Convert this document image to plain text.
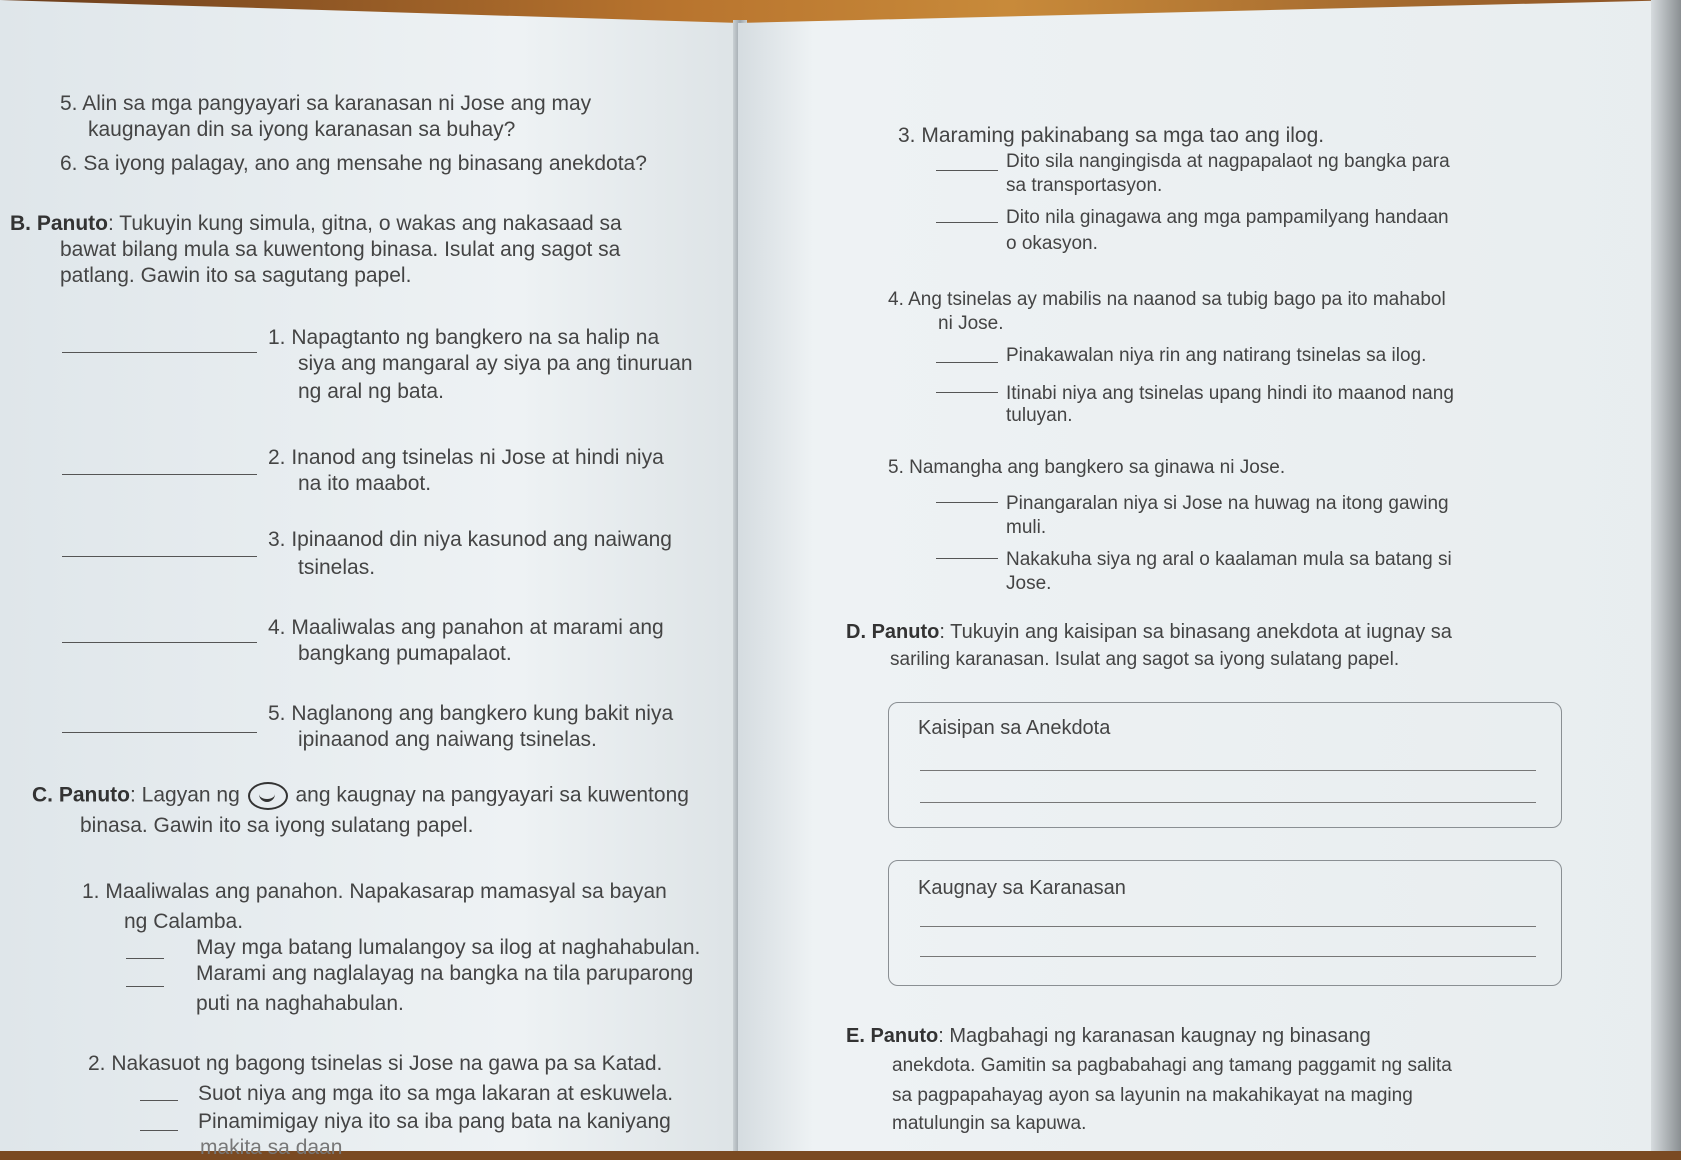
5. Alin sa mga pangyayari sa karanasan ni Jose ang may
kaugnayan din sa iyong karanasan sa buhay?
6. Sa iyong palagay, ano ang mensahe ng binasang anekdota?
B. Panuto: Tukuyin kung simula, gitna, o wakas ang nakasaad sa
bawat bilang mula sa kuwentong binasa. Isulat ang sagot sa
patlang. Gawin ito sa sagutang papel.
1. Napagtanto ng bangkero na sa halip na
siya ang mangaral ay siya pa ang tinuruan
ng aral ng bata.
2. Inanod ang tsinelas ni Jose at hindi niya
na ito maabot.
3. Ipinaanod din niya kasunod ang naiwang
tsinelas.
4. Maaliwalas ang panahon at marami ang
bangkang pumapalaot.
5. Naglanong ang bangkero kung bakit niya
ipinaanod ang naiwang tsinelas.
C. Panuto: Lagyan ng	ang kaugnay na pangyayari sa kuwentong
binasa. Gawin ito sa iyong sulatang papel.
1. Maaliwalas ang panahon. Napakasarap mamasyal sa bayan
ng Calamba.
May mga batang lumalangoy sa ilog at naghahabulan.
Marami ang naglalayag na bangka na tila paruparong
puti na naghahabulan.
2. Nakasuot ng bagong tsinelas si Jose na gawa pa sa Katad.
Suot niya ang mga ito sa mga lakaran at eskuwela.
Pinamimigay niya ito sa iba pang bata na kaniyang
makita sa daan
3. Maraming pakinabang sa mga tao ang ilog.
Dito sila nangingisda at nagpapalaot ng bangka para
sa transportasyon.
Dito nila ginagawa ang mga pampamilyang handaan
o okasyon.
4. Ang tsinelas ay mabilis na naanod sa tubig bago pa ito mahabol
ni Jose.
Pinakawalan niya rin ang natirang tsinelas sa ilog.
Itinabi niya ang tsinelas upang hindi ito maanod nang
tuluyan.
5. Namangha ang bangkero sa ginawa ni Jose.
Pinangaralan niya si Jose na huwag na itong gawing
muli.
Nakakuha siya ng aral o kaalaman mula sa batang si
Jose.
D. Panuto: Tukuyin ang kaisipan sa binasang anekdota at iugnay sa
sariling karanasan. Isulat ang sagot sa iyong sulatang papel.
Kaisipan sa Anekdota
Kaugnay sa Karanasan
E. Panuto: Magbahagi ng karanasan kaugnay ng binasang
anekdota. Gamitin sa pagbabahagi ang tamang paggamit ng salita
sa pagpapahayag ayon sa layunin na makahikayat na maging
matulungin sa kapuwa.
